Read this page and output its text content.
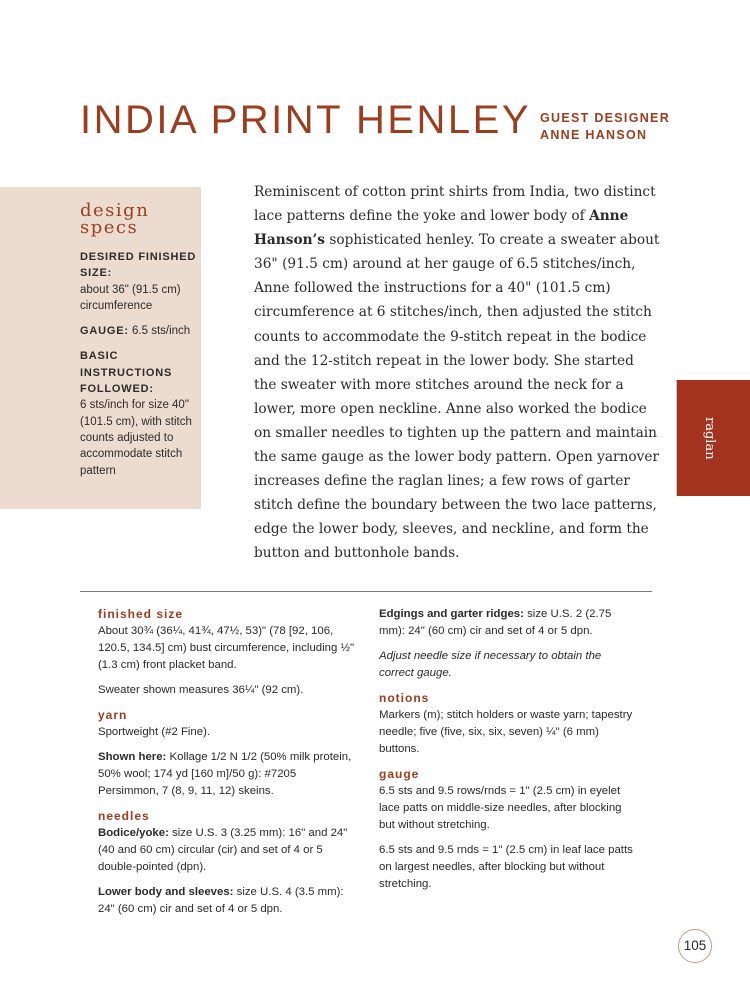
INDIA PRINT HENLEY GUEST DESIGNER
ANNE HANSON
design
specs

DESIRED FINISHED SIZE:
about 36" (91.5 cm) circumference

GAUGE: 6.5 sts/inch

BASIC INSTRUCTIONS FOLLOWED:
6 sts/inch for size 40" (101.5 cm), with stitch counts adjusted to accommodate stitch pattern

Reminiscent of cotton print shirts from India, two distinct lace patterns define the yoke and lower body of Anne Hanson’s sophisticated henley. To create a sweater about 36" (91.5 cm) around at her gauge of 6.5 stitches/inch, Anne followed the instructions for a 40" (101.5 cm) circumference at 6 stitches/inch, then adjusted the stitch counts to accommodate the 9-stitch repeat in the bodice and the 12-stitch repeat in the lower body. She started the sweater with more stitches around the neck for a lower, more open neckline. Anne also worked the bodice on smaller needles to tighten up the pattern and maintain the same gauge as the lower body pattern. Open yarnover increases define the raglan lines; a few rows of garter stitch define the boundary between the two lace patterns, edge the lower body, sleeves, and neckline, and form the button and buttonhole bands.

raglan
finished size

About 30¾ (36¼, 41¾, 47½, 53)" (78 [92, 106, 120.5, 134.5] cm) bust circumference, including ½" (1.3 cm) front placket band.

Sweater shown measures 36¼" (92 cm).

yarn

Sportweight (#2 Fine).

Shown here: Kollage 1/2 N 1/2 (50% milk protein, 50% wool; 174 yd [160 m]/50 g): #7205 Persimmon, 7 (8, 9, 11, 12) skeins.

needles

Bodice/yoke: size U.S. 3 (3.25 mm): 16" and 24" (40 and 60 cm) circular (cir) and set of 4 or 5 double-pointed (dpn).

Lower body and sleeves: size U.S. 4 (3.5 mm): 24" (60 cm) cir and set of 4 or 5 dpn.

Edgings and garter ridges: size U.S. 2 (2.75 mm): 24" (60 cm) cir and set of 4 or 5 dpn.

Adjust needle size if necessary to obtain the correct gauge.

notions

Markers (m); stitch holders or waste yarn; tapestry needle; five (five, six, six, seven) ¼" (6 mm) buttons.

gauge

6.5 sts and 9.5 rows/rnds = 1" (2.5 cm) in eyelet lace patts on middle-size needles, after blocking but without stretching.

6.5 sts and 9.5 rnds = 1" (2.5 cm) in leaf lace patts on largest needles, after blocking but without stretching.

105
